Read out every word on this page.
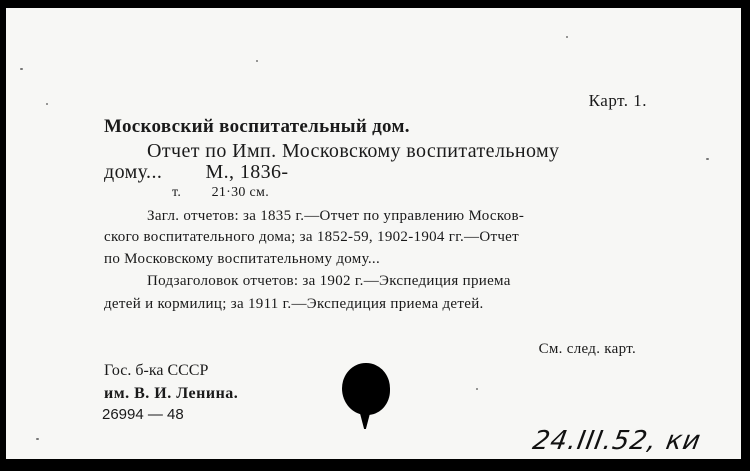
Карт. 1.
Московский воспитательный дом.
Отчет по Имп. Московскому воспитательному
дому...        М., 1836-
т.        21·30 см.
Загл. отчетов: за 1835 г.—Отчет по управлению Москов-
ского воспитательного дома; за 1852-59, 1902-1904 гг.—Отчет
по Московскому воспитательному дому...
Подзаголовок отчетов: за 1902 г.—Экспедиция приема
детей и кормилиц; за 1911 г.—Экспедиция приема детей.
См. след. карт.
Гос. б-ка СССР
им. В. И. Ленина.
26994 — 48
24.III.52, ки
